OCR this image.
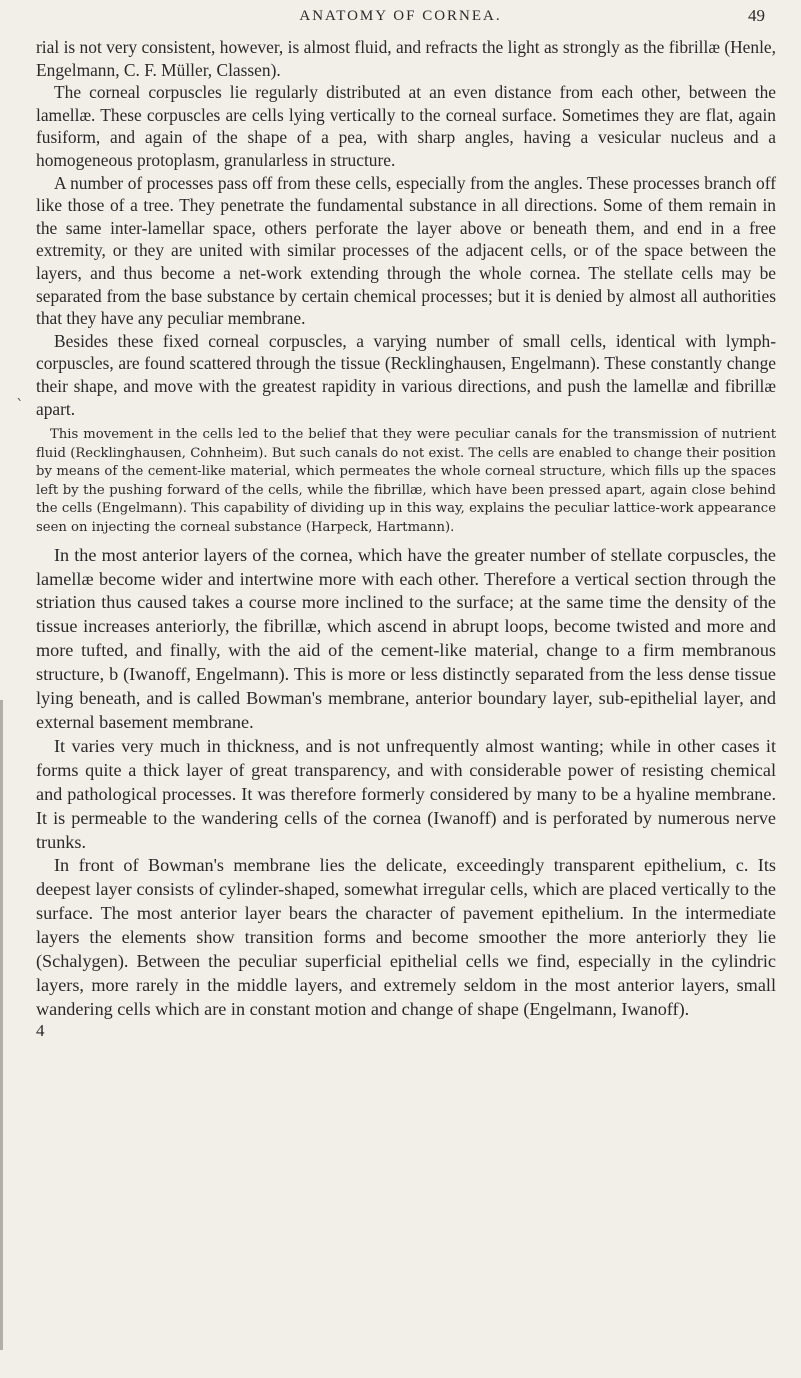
ANATOMY OF CORNEA.	49
`

rial is not very consistent, however, is almost fluid, and refracts the light as strongly as the fibrillæ (Henle, Engelmann, C. F. Müller, Classen).

The corneal corpuscles lie regularly distributed at an even distance from each other, between the lamellæ. These corpuscles are cells lying vertically to the corneal surface. Sometimes they are flat, again fusiform, and again of the shape of a pea, with sharp angles, having a vesicular nucleus and a homogeneous protoplasm, granularless in structure.

A number of processes pass off from these cells, especially from the angles. These processes branch off like those of a tree. They penetrate the fundamental substance in all directions. Some of them remain in the same inter-lamellar space, others perforate the layer above or beneath them, and end in a free extremity, or they are united with similar processes of the adjacent cells, or of the space between the layers, and thus become a net-work extending through the whole cornea. The stellate cells may be separated from the base substance by certain chemical processes; but it is denied by almost all authorities that they have any peculiar membrane.

Besides these fixed corneal corpuscles, a varying number of small cells, identical with lymph-corpuscles, are found scattered through the tissue (Recklinghausen, Engelmann). These constantly change their shape, and move with the greatest rapidity in various directions, and push the lamellæ and fibrillæ apart.

This movement in the cells led to the belief that they were peculiar canals for the transmission of nutrient fluid (Recklinghausen, Cohnheim). But such canals do not exist. The cells are enabled to change their position by means of the cement-like material, which permeates the whole corneal structure, which fills up the spaces left by the pushing forward of the cells, while the fibrillæ, which have been pressed apart, again close behind the cells (Engelmann). This capability of dividing up in this way, explains the peculiar lattice-work appearance seen on injecting the corneal substance (Harpeck, Hartmann).

In the most anterior layers of the cornea, which have the greater number of stellate corpuscles, the lamellæ become wider and intertwine more with each other. Therefore a vertical section through the striation thus caused takes a course more inclined to the surface; at the same time the density of the tissue increases anteriorly, the fibrillæ, which ascend in abrupt loops, become twisted and more and more tufted, and finally, with the aid of the cement-like material, change to a firm membranous structure, b (Iwanoff, Engelmann). This is more or less distinctly separated from the less dense tissue lying beneath, and is called Bowman's membrane, anterior boundary layer, sub-epithelial layer, and external basement membrane.

It varies very much in thickness, and is not unfrequently almost wanting; while in other cases it forms quite a thick layer of great transparency, and with considerable power of resisting chemical and pathological processes. It was therefore formerly considered by many to be a hyaline membrane. It is permeable to the wandering cells of the cornea (Iwanoff) and is perforated by numerous nerve trunks.

In front of Bowman's membrane lies the delicate, exceedingly transparent epithelium, c. Its deepest layer consists of cylinder-shaped, somewhat irregular cells, which are placed vertically to the surface. The most anterior layer bears the character of pavement epithelium. In the intermediate layers the elements show transition forms and become smoother the more anteriorly they lie (Schalygen). Between the peculiar superficial epithelial cells we find, especially in the cylindric layers, more rarely in the middle layers, and extremely seldom in the most anterior layers, small wandering cells which are in constant motion and change of shape (Engelmann, Iwanoff).

4
